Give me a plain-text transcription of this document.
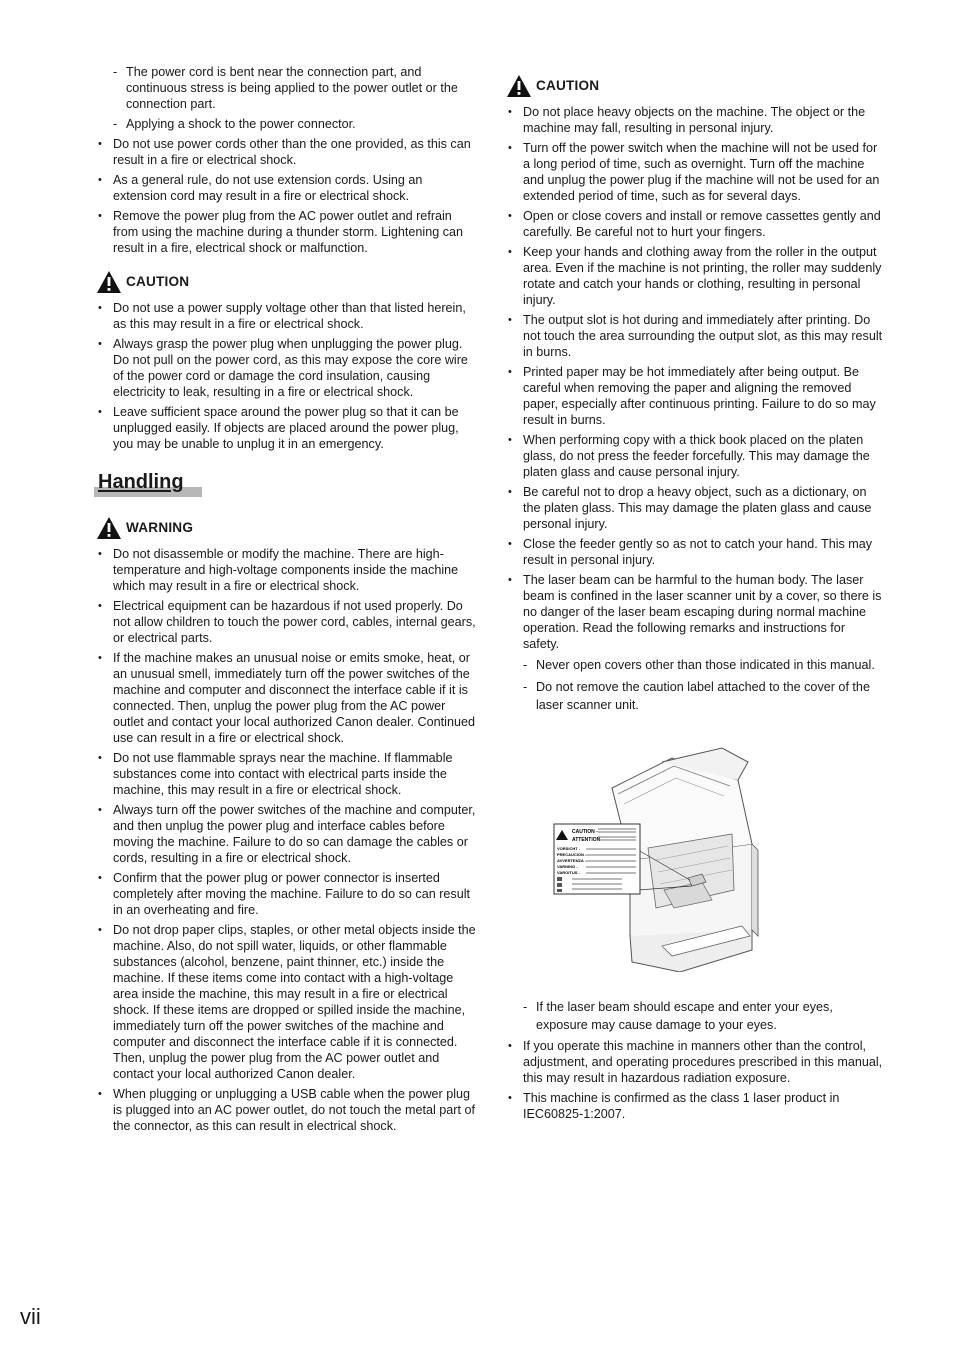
- The power cord is bent near the connection part, and continuous stress is being applied to the power outlet or the connection part.
- Applying a shock to the power connector.
• Do not use power cords other than the one provided, as this can result in a fire or electrical shock.
• As a general rule, do not use extension cords. Using an extension cord may result in a fire or electrical shock.
• Remove the power plug from the AC power outlet and refrain from using the machine during a thunder storm. Lightening can result in a fire, electrical shock or malfunction.
CAUTION
• Do not use a power supply voltage other than that listed herein, as this may result in a fire or electrical shock.
• Always grasp the power plug when unplugging the power plug. Do not pull on the power cord, as this may expose the core wire of the power cord or damage the cord insulation, causing electricity to leak, resulting in a fire or electrical shock.
• Leave sufficient space around the power plug so that it can be unplugged easily. If objects are placed around the power plug, you may be unable to unplug it in an emergency.
Handling
WARNING
• Do not disassemble or modify the machine. There are high-temperature and high-voltage components inside the machine which may result in a fire or electrical shock.
• Electrical equipment can be hazardous if not used properly. Do not allow children to touch the power cord, cables, internal gears, or electrical parts.
• If the machine makes an unusual noise or emits smoke, heat, or an unusual smell, immediately turn off the power switches of the machine and computer and disconnect the interface cable if it is connected. Then, unplug the power plug from the AC power outlet and contact your local authorized Canon dealer. Continued use can result in a fire or electrical shock.
• Do not use flammable sprays near the machine. If flammable substances come into contact with electrical parts inside the machine, this may result in a fire or electrical shock.
• Always turn off the power switches of the machine and computer, and then unplug the power plug and interface cables before moving the machine. Failure to do so can damage the cables or cords, resulting in a fire or electrical shock.
• Confirm that the power plug or power connector is inserted completely after moving the machine. Failure to do so can result in an overheating and fire.
• Do not drop paper clips, staples, or other metal objects inside the machine. Also, do not spill water, liquids, or other flammable substances (alcohol, benzene, paint thinner, etc.) inside the machine. If these items come into contact with a high-voltage area inside the machine, this may result in a fire or electrical shock. If these items are dropped or spilled inside the machine, immediately turn off the power switches of the machine and computer and disconnect the interface cable if it is connected. Then, unplug the power plug from the AC power outlet and contact your local authorized Canon dealer.
• When plugging or unplugging a USB cable when the power plug is plugged into an AC power outlet, do not touch the metal part of the connector, as this can result in electrical shock.
CAUTION
• Do not place heavy objects on the machine. The object or the machine may fall, resulting in personal injury.
• Turn off the power switch when the machine will not be used for a long period of time, such as overnight. Turn off the machine and unplug the power plug if the machine will not be used for an extended period of time, such as for several days.
• Open or close covers and install or remove cassettes gently and carefully. Be careful not to hurt your fingers.
• Keep your hands and clothing away from the roller in the output area. Even if the machine is not printing, the roller may suddenly rotate and catch your hands or clothing, resulting in personal injury.
• The output slot is hot during and immediately after printing. Do not touch the area surrounding the output slot, as this may result in burns.
• Printed paper may be hot immediately after being output. Be careful when removing the paper and aligning the removed paper, especially after continuous printing. Failure to do so may result in burns.
• When performing copy with a thick book placed on the platen glass, do not press the feeder forcefully. This may damage the platen glass and cause personal injury.
• Be careful not to drop a heavy object, such as a dictionary, on the platen glass. This may damage the platen glass and cause personal injury.
• Close the feeder gently so as not to catch your hand. This may result in personal injury.
• The laser beam can be harmful to the human body. The laser beam is confined in the laser scanner unit by a cover, so there is no danger of the laser beam escaping during normal machine operation. Read the following remarks and instructions for safety.
- Never open covers other than those indicated in this manual.
- Do not remove the caution label attached to the cover of the laser scanner unit.
CAUTION -
ATTENTION -
VORSICHT -
PRECAUCION -
AVVERTENZA -
VARNING -
VAROITUS -
- If the laser beam should escape and enter your eyes, exposure may cause damage to your eyes.
• If you operate this machine in manners other than the control, adjustment, and operating procedures prescribed in this manual, this may result in hazardous radiation exposure.
• This machine is confirmed as the class 1 laser product in IEC60825-1:2007.
vii
